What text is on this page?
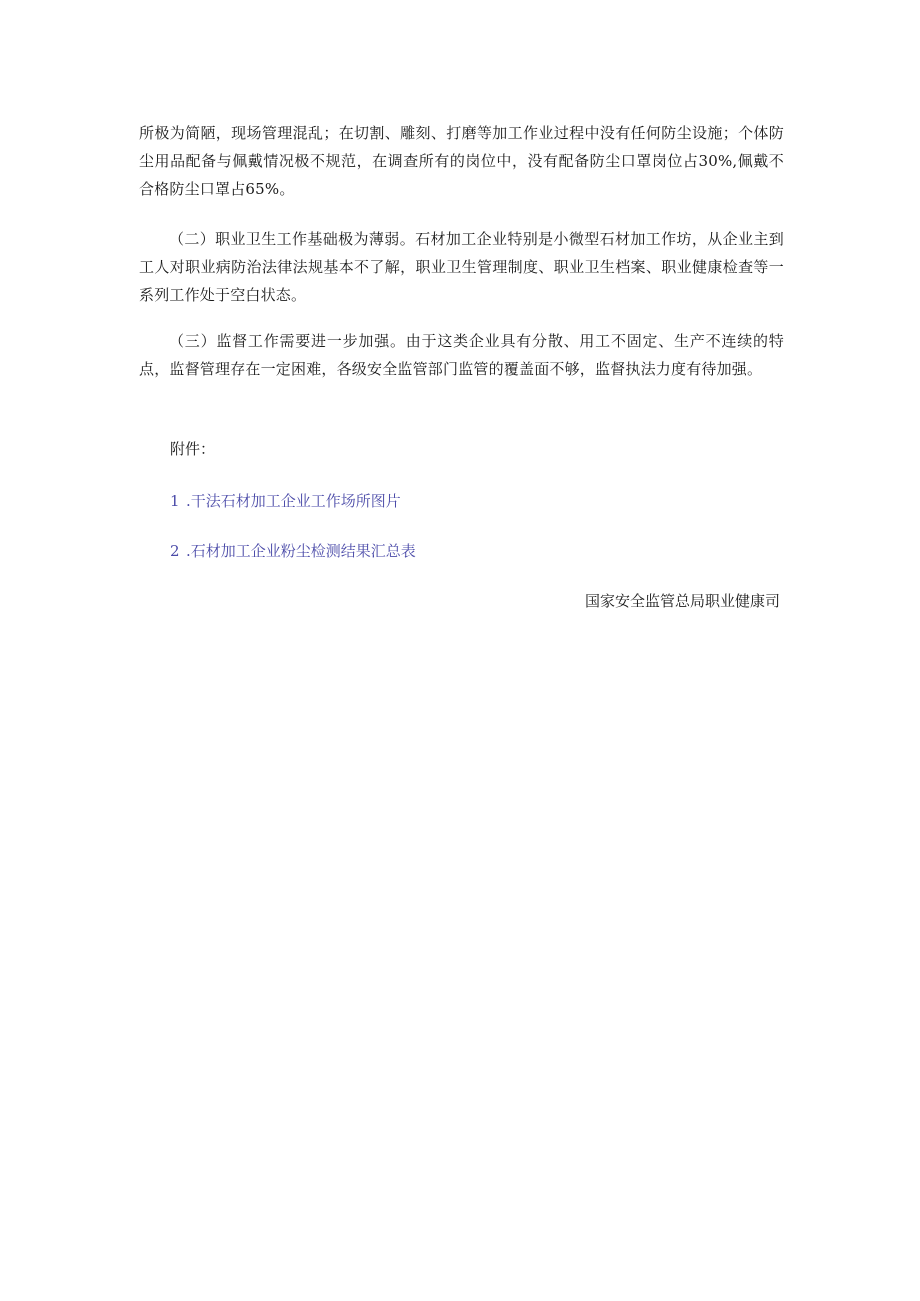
所极为简陋，现场管理混乱；在切割、雕刻、打磨等加工作业过程中没有任何防尘设施；个体防尘用品配备与佩戴情况极不规范，在调查所有的岗位中，没有配备防尘口罩岗位占30%,佩戴不合格防尘口罩占65%。

（二）职业卫生工作基础极为薄弱。石材加工企业特别是小微型石材加工作坊，从企业主到工人对职业病防治法律法规基本不了解，职业卫生管理制度、职业卫生档案、职业健康检查等一系列工作处于空白状态。

（三）监督工作需要进一步加强。由于这类企业具有分散、用工不固定、生产不连续的特点，监督管理存在一定困难，各级安全监管部门监管的覆盖面不够，监督执法力度有待加强。

附件：

1 .干法石材加工企业工作场所图片

2 .石材加工企业粉尘检测结果汇总表

国家安全监管总局职业健康司
